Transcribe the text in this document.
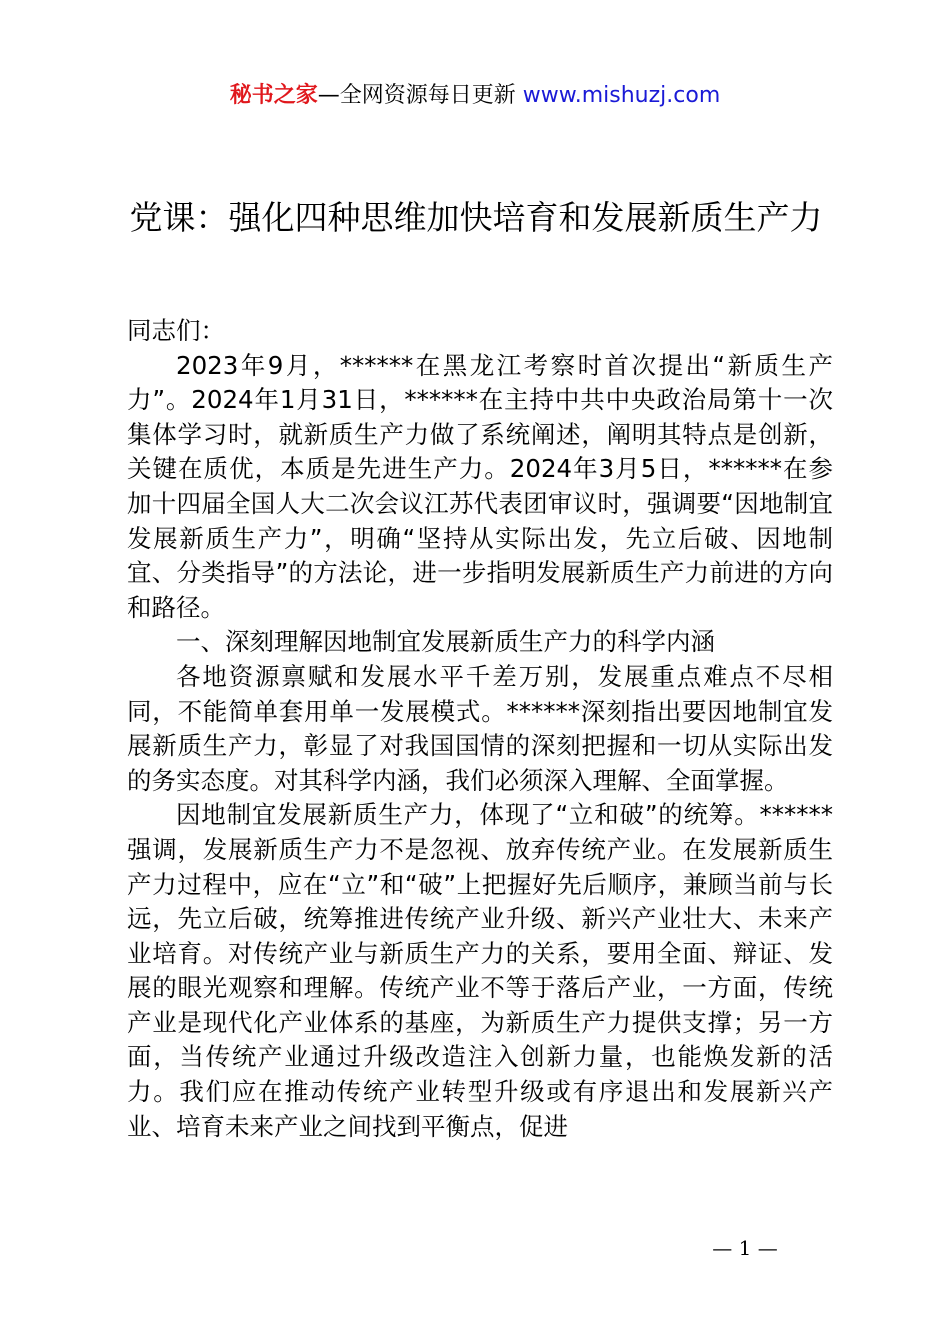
秘书之家—全网资源每日更新 www.mishuzj.com
党课：强化四种思维加快培育和发展新质生产力

同志们：

2023年9月，******在黑龙江考察时首次提出“新质生产力”。2024年1月31日，******在主持中共中央政治局第十一次集体学习时，就新质生产力做了系统阐述，阐明其特点是创新，关键在质优，本质是先进生产力。2024年3月5日，******在参加十四届全国人大二次会议江苏代表团审议时，强调要“因地制宜发展新质生产力”，明确“坚持从实际出发，先立后破、因地制宜、分类指导”的方法论，进一步指明发展新质生产力前进的方向和路径。

一、深刻理解因地制宜发展新质生产力的科学内涵

各地资源禀赋和发展水平千差万别，发展重点难点不尽相同，不能简单套用单一发展模式。******深刻指出要因地制宜发展新质生产力，彰显了对我国国情的深刻把握和一切从实际出发的务实态度。对其科学内涵，我们必须深入理解、全面掌握。

因地制宜发展新质生产力，体现了“立和破”的统筹。******强调，发展新质生产力不是忽视、放弃传统产业。在发展新质生产力过程中，应在“立”和“破”上把握好先后顺序，兼顾当前与长远，先立后破，统筹推进传统产业升级、新兴产业壮大、未来产业培育。对传统产业与新质生产力的关系，要用全面、辩证、发展的眼光观察和理解。传统产业不等于落后产业，一方面，传统产业是现代化产业体系的基座，为新质生产力提供支撑；另一方面，当传统产业通过升级改造注入创新力量，也能焕发新的活力。我们应在推动传统产业转型升级或有序退出和发展新兴产业、培育未来产业之间找到平衡点，促进

— 1 —
